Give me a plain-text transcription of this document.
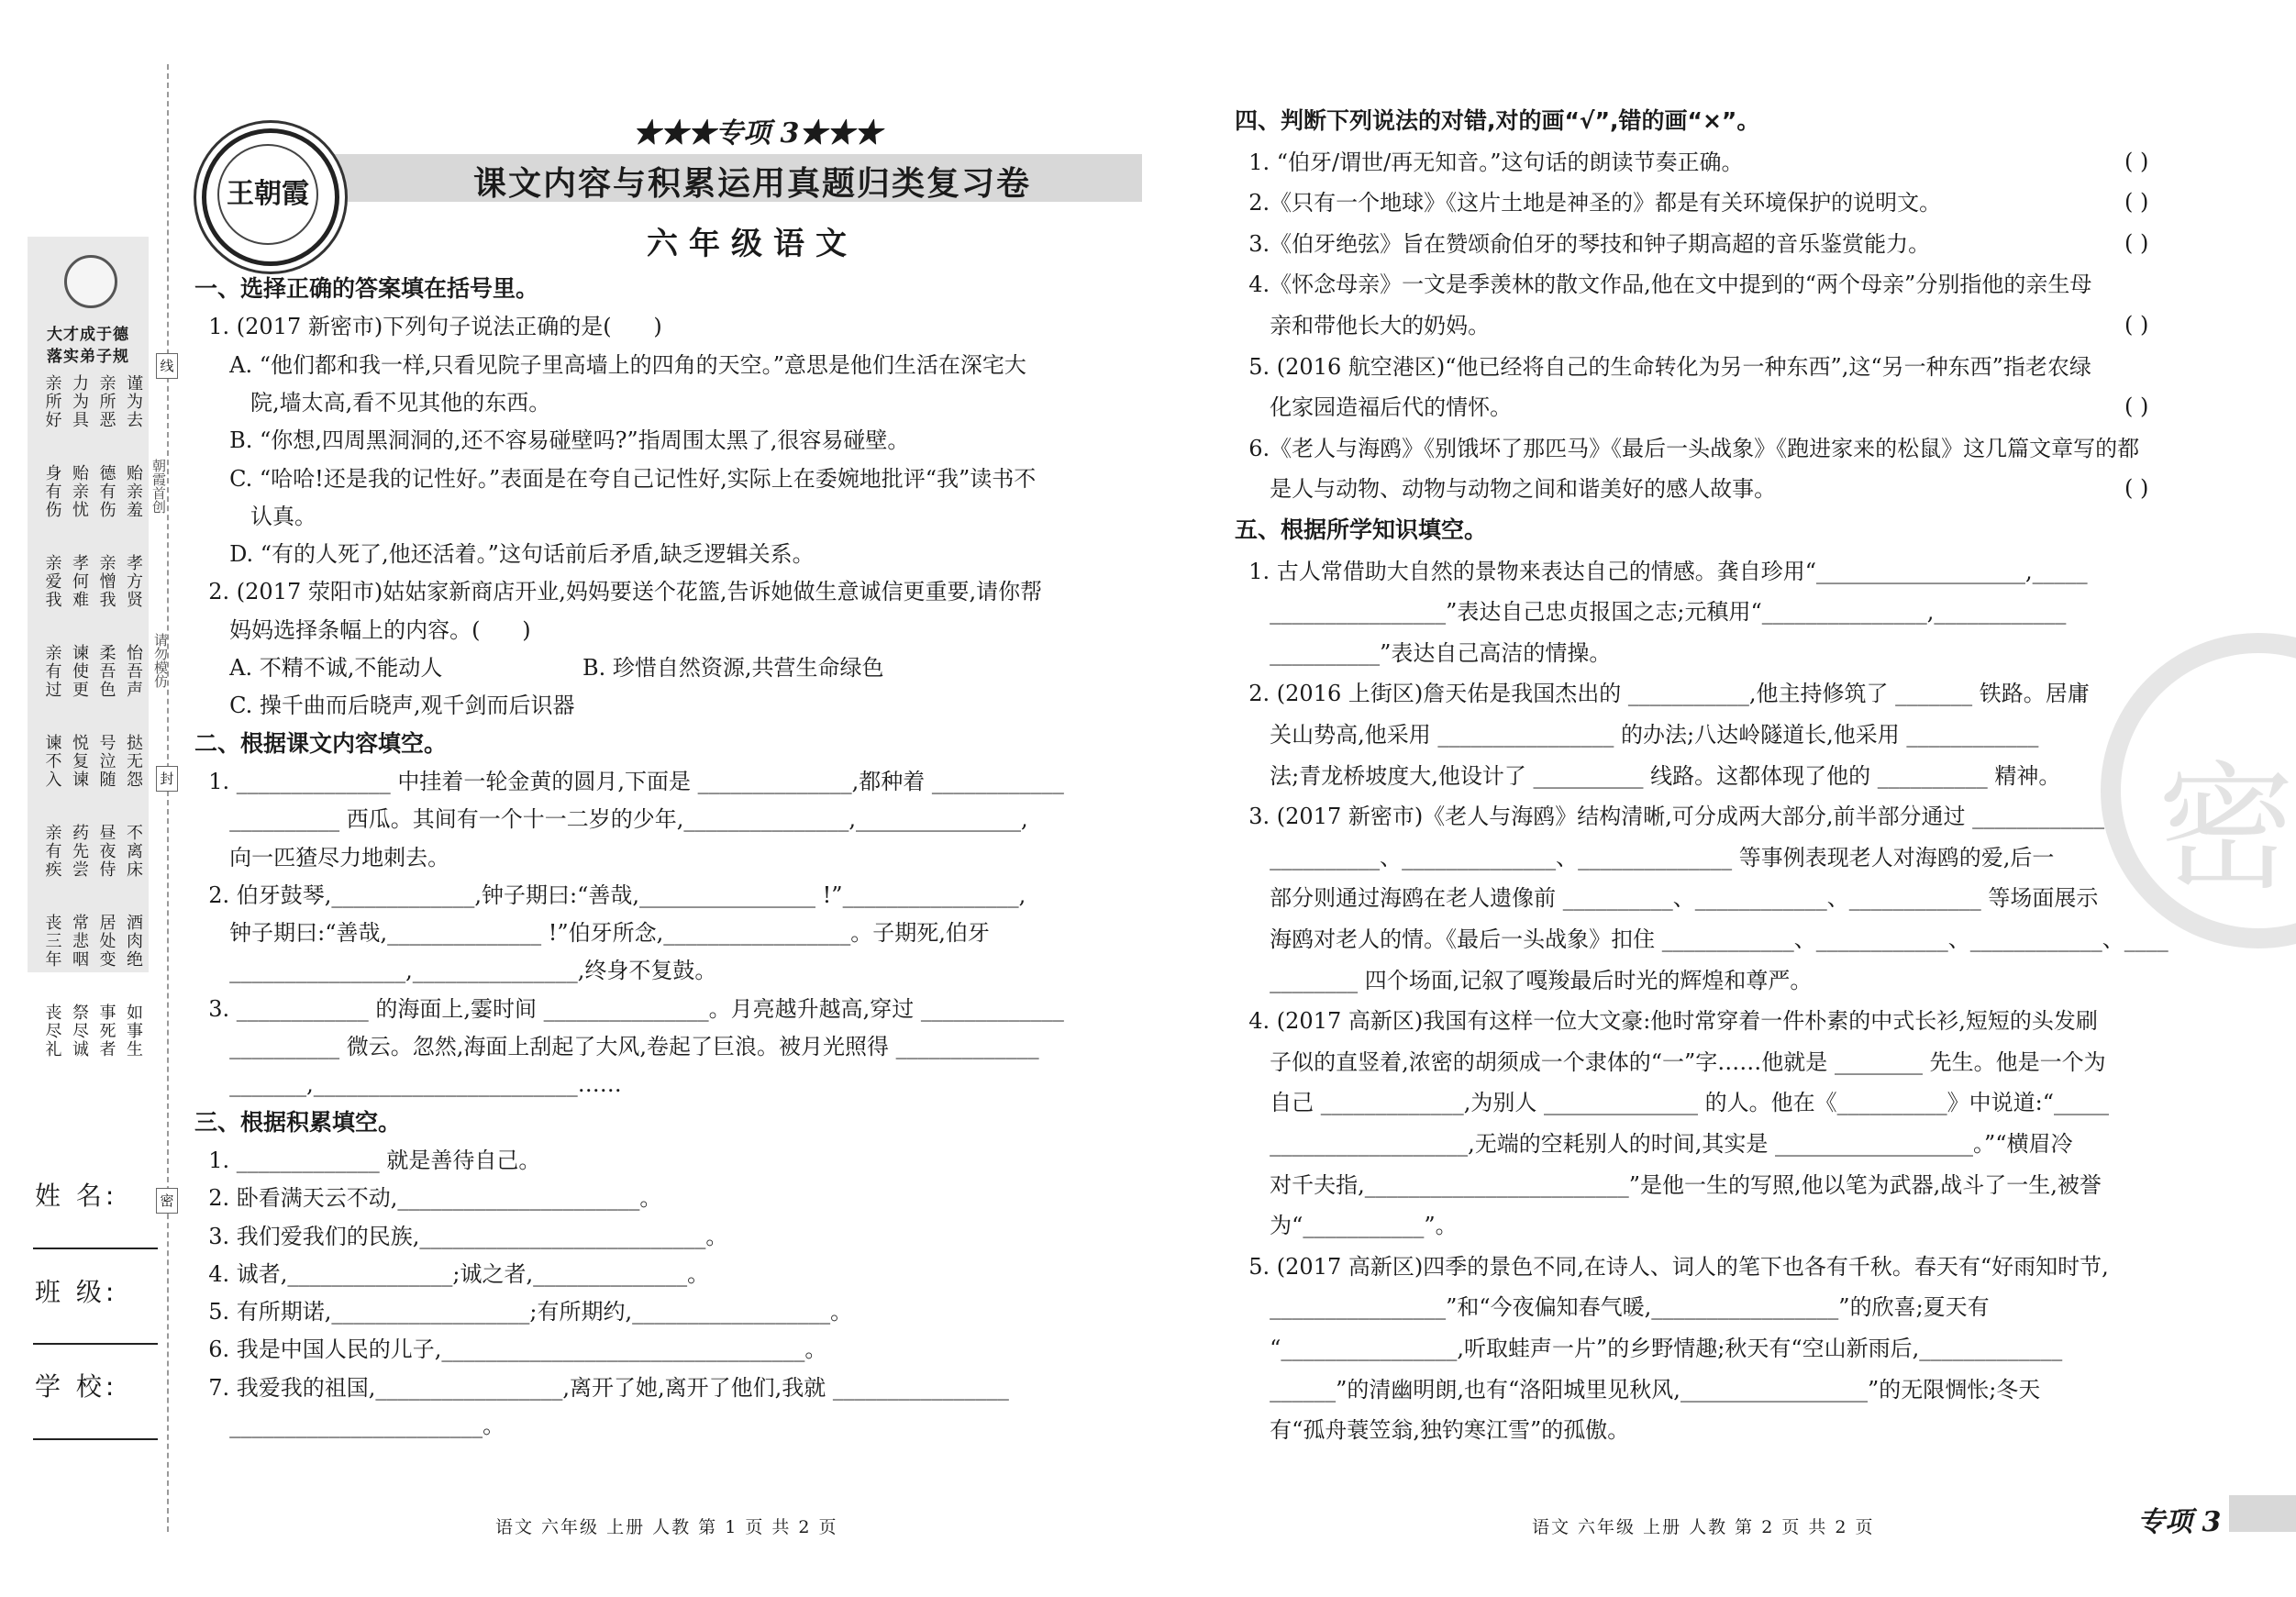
大才成于德
落实弟子规
亲所好 力为具 亲所恶 谨为去
身有伤 贻亲忧 德有伤 贻亲羞
亲爱我 孝何难 亲憎我 孝方贤
亲有过 谏使更 柔吾色 怡吾声
谏不入 悦复谏 号泣随 挞无怨
亲有疾 药先尝 昼夜侍 不离床
丧三年 常悲咽 居处变 酒肉绝
丧尽礼 祭尽诚 事死者 如事生
朝霞首创
请勿模仿
线
封
密
姓 名:
班 级:
学 校:
王朝霞
★★★专项 3★★★
课文内容与积累运用真题归类复习卷
六年级语文
一、选择正确的答案填在括号里。
1. (2017 新密市)下列句子说法正确的是(      )
A. “他们都和我一样,只看见院子里高墙上的四角的天空。”意思是他们生活在深宅大
院,墙太高,看不见其他的东西。
B. “你想,四周黑洞洞的,还不容易碰壁吗?”指周围太黑了,很容易碰壁。
C. “哈哈!还是我的记性好。”表面是在夸自己记性好,实际上在委婉地批评“我”读书不
认真。
D. “有的人死了,他还活着。”这句话前后矛盾,缺乏逻辑关系。
2. (2017 荥阳市)姑姑家新商店开业,妈妈要送个花篮,告诉她做生意诚信更重要,请你帮
妈妈选择条幅上的内容。(      )
A. 不精不诚,不能动人                    B. 珍惜自然资源,共营生命绿色
C. 操千曲而后晓声,观千剑而后识器
二、根据课文内容填空。
1. ______________ 中挂着一轮金黄的圆月,下面是 ______________,都种着 ____________
__________ 西瓜。其间有一个十一二岁的少年,_______________,_______________,
向一匹猹尽力地刺去。
2. 伯牙鼓琴,_____________,钟子期曰:“善哉,________________ !”________________,
钟子期曰:“善哉,______________ !”伯牙所念,_________________。子期死,伯牙
________________,_______________,终身不复鼓。
3. ____________ 的海面上,霎时间 _______________。月亮越升越高,穿过 _____________
__________ 微云。忽然,海面上刮起了大风,卷起了巨浪。被月光照得 _____________
_______,________________________……
三、根据积累填空。
1. _____________ 就是善待自己。
2. 卧看满天云不动,______________________。
3. 我们爱我们的民族,__________________________。
4. 诚者,_______________;诚之者,______________。
5. 有所期诺,__________________;有所期约,__________________。
6. 我是中国人民的儿子,_________________________________。
7. 我爱我的祖国,_________________,离开了她,离开了他们,我就 ________________
_______________________。
四、判断下列说法的对错,对的画“√”,错的画“×”。
1. “伯牙/谓世/再无知音。”这句话的朗读节奏正确。	( )
2.《只有一个地球》《这片土地是神圣的》都是有关环境保护的说明文。	( )
3.《伯牙绝弦》旨在赞颂俞伯牙的琴技和钟子期高超的音乐鉴赏能力。	( )
4.《怀念母亲》一文是季羡林的散文作品,他在文中提到的“两个母亲”分别指他的亲生母
亲和带他长大的奶妈。	( )
5. (2016 航空港区)“他已经将自己的生命转化为另一种东西”,这“另一种东西”指老农绿
化家园造福后代的情怀。	( )
6.《老人与海鸥》《别饿坏了那匹马》《最后一头战象》《跑进家来的松鼠》这几篇文章写的都
是人与动物、动物与动物之间和谐美好的感人故事。	( )
五、根据所学知识填空。
1. 古人常借助大自然的景物来表达自己的情感。龚自珍用“___________________,_____
________________”表达自己忠贞报国之志;元稹用“_______________,____________
__________”表达自己高洁的情操。
2. (2016 上街区)詹天佑是我国杰出的 ___________,他主持修筑了 _______ 铁路。居庸
关山势高,他采用 ________________ 的办法;八达岭隧道长,他采用 ____________
法;青龙桥坡度大,他设计了 __________ 线路。这都体现了他的 __________ 精神。
3. (2017 新密市)《老人与海鸥》结构清晰,可分成两大部分,前半部分通过 ____________
__________、______________、______________ 等事例表现老人对海鸥的爱,后一
部分则通过海鸥在老人遗像前 __________、____________、____________ 等场面展示
海鸥对老人的情。《最后一头战象》扣住 ____________、____________、____________、____
________ 四个场面,记叙了嘎羧最后时光的辉煌和尊严。
4. (2017 高新区)我国有这样一位大文豪:他时常穿着一件朴素的中式长衫,短短的头发刷
子似的直竖着,浓密的胡须成一个隶体的“一”字……他就是 ________ 先生。他是一个为
自己 _____________,为别人 ______________ 的人。他在《__________》中说道:“_____
__________________,无端的空耗别人的时间,其实是 __________________。”“横眉冷
对千夫指,________________________”是他一生的写照,他以笔为武器,战斗了一生,被誉
为“___________”。
5. (2017 高新区)四季的景色不同,在诗人、词人的笔下也各有千秋。春天有“好雨知时节,
________________”和“今夜偏知春气暖,_________________”的欣喜;夏天有
“________________,听取蛙声一片”的乡野情趣;秋天有“空山新雨后,_____________
______”的清幽明朗,也有“洛阳城里见秋风,_________________”的无限惆怅;冬天
有“孤舟蓑笠翁,独钓寒江雪”的孤傲。
密
语文 六年级 上册 人教 第 1 页 共 2 页	语文 六年级 上册 人教 第 2 页 共 2 页	专项 3
